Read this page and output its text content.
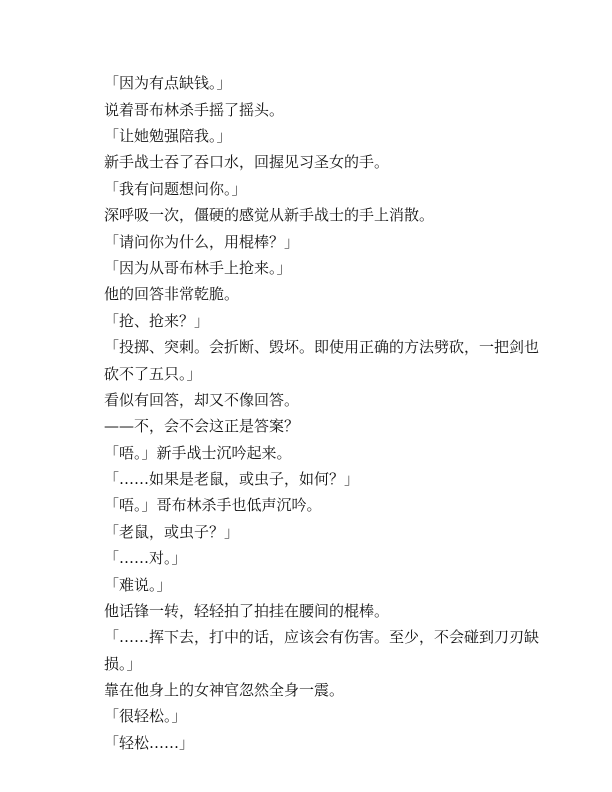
「因为有点缺钱。」

说着哥布林杀手摇了摇头。

「让她勉强陪我。」

新手战士吞了吞口水，回握见习圣女的手。

「我有问题想问你。」

深呼吸一次，僵硬的感觉从新手战士的手上消散。

「请问你为什么，用棍棒？」

「因为从哥布林手上抢来。」

他的回答非常乾脆。

「抢、抢来？」

「投掷、突刺。会折断、毁坏。即使用正确的方法劈砍，一把剑也砍不了五只。」

看似有回答，却又不像回答。

——不，会不会这正是答案？

「唔。」新手战士沉吟起来。

「……如果是老鼠，或虫子，如何？」

「唔。」哥布林杀手也低声沉吟。

「老鼠，或虫子？」

「……对。」

「难说。」

他话锋一转，轻轻拍了拍挂在腰间的棍棒。

「……挥下去，打中的话，应该会有伤害。至少，不会碰到刀刃缺损。」

靠在他身上的女神官忽然全身一震。

「很轻松。」

「轻松……」
